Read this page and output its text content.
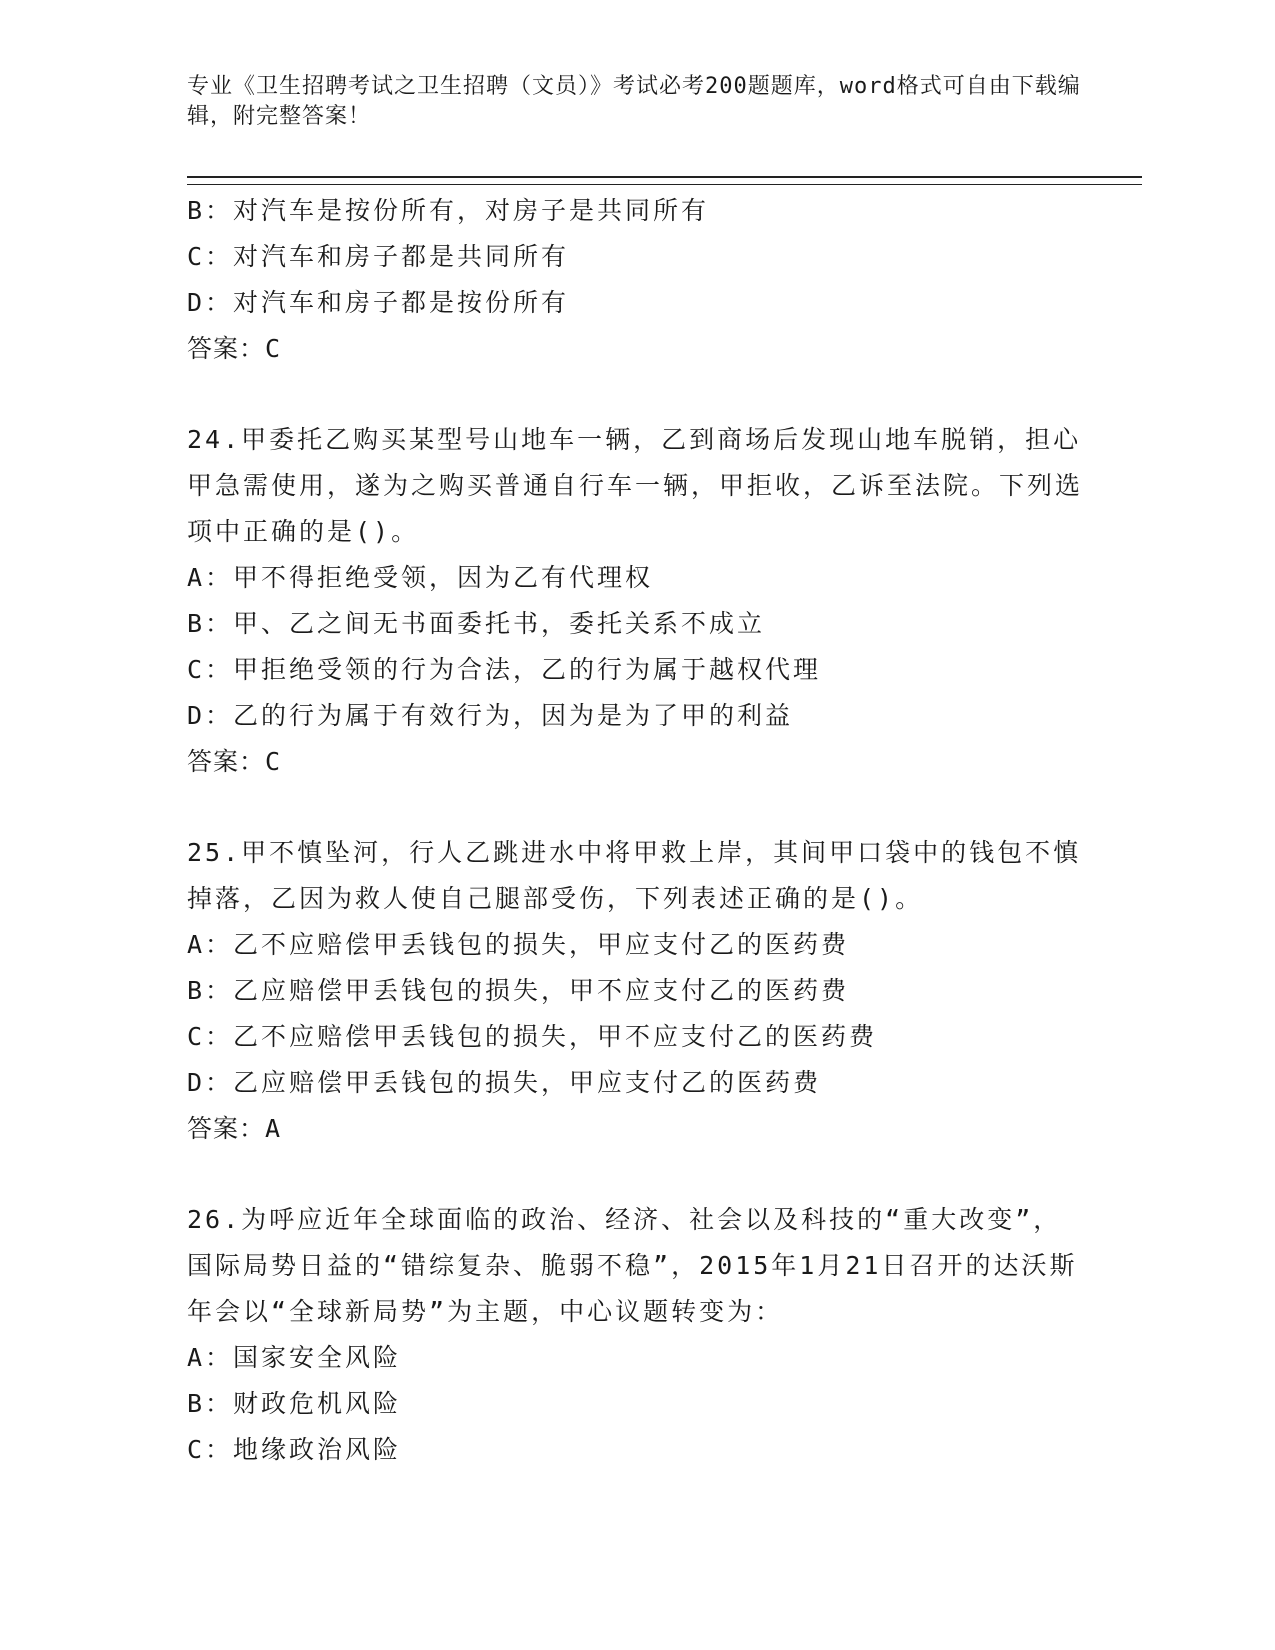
专业《卫生招聘考试之卫生招聘（文员）》考试必考200题题库，word格式可自由下载编辑，附完整答案！
B：对汽车是按份所有，对房子是共同所有
C：对汽车和房子都是共同所有
D：对汽车和房子都是按份所有
答案：C
24.甲委托乙购买某型号山地车一辆，乙到商场后发现山地车脱销，担心甲急需使用，遂为之购买普通自行车一辆，甲拒收，乙诉至法院。下列选项中正确的是()。
A：甲不得拒绝受领，因为乙有代理权
B：甲、乙之间无书面委托书，委托关系不成立
C：甲拒绝受领的行为合法，乙的行为属于越权代理
D：乙的行为属于有效行为，因为是为了甲的利益
答案：C
25.甲不慎坠河，行人乙跳进水中将甲救上岸，其间甲口袋中的钱包不慎掉落，乙因为救人使自己腿部受伤，下列表述正确的是()。
A：乙不应赔偿甲丢钱包的损失，甲应支付乙的医药费
B：乙应赔偿甲丢钱包的损失，甲不应支付乙的医药费
C：乙不应赔偿甲丢钱包的损失，甲不应支付乙的医药费
D：乙应赔偿甲丢钱包的损失，甲应支付乙的医药费
答案：A
26.为呼应近年全球面临的政治、经济、社会以及科技的“重大改变”，国际局势日益的“错综复杂、脆弱不稳”，2015年1月21日召开的达沃斯年会以“全球新局势”为主题，中心议题转变为：
A：国家安全风险
B：财政危机风险
C：地缘政治风险
